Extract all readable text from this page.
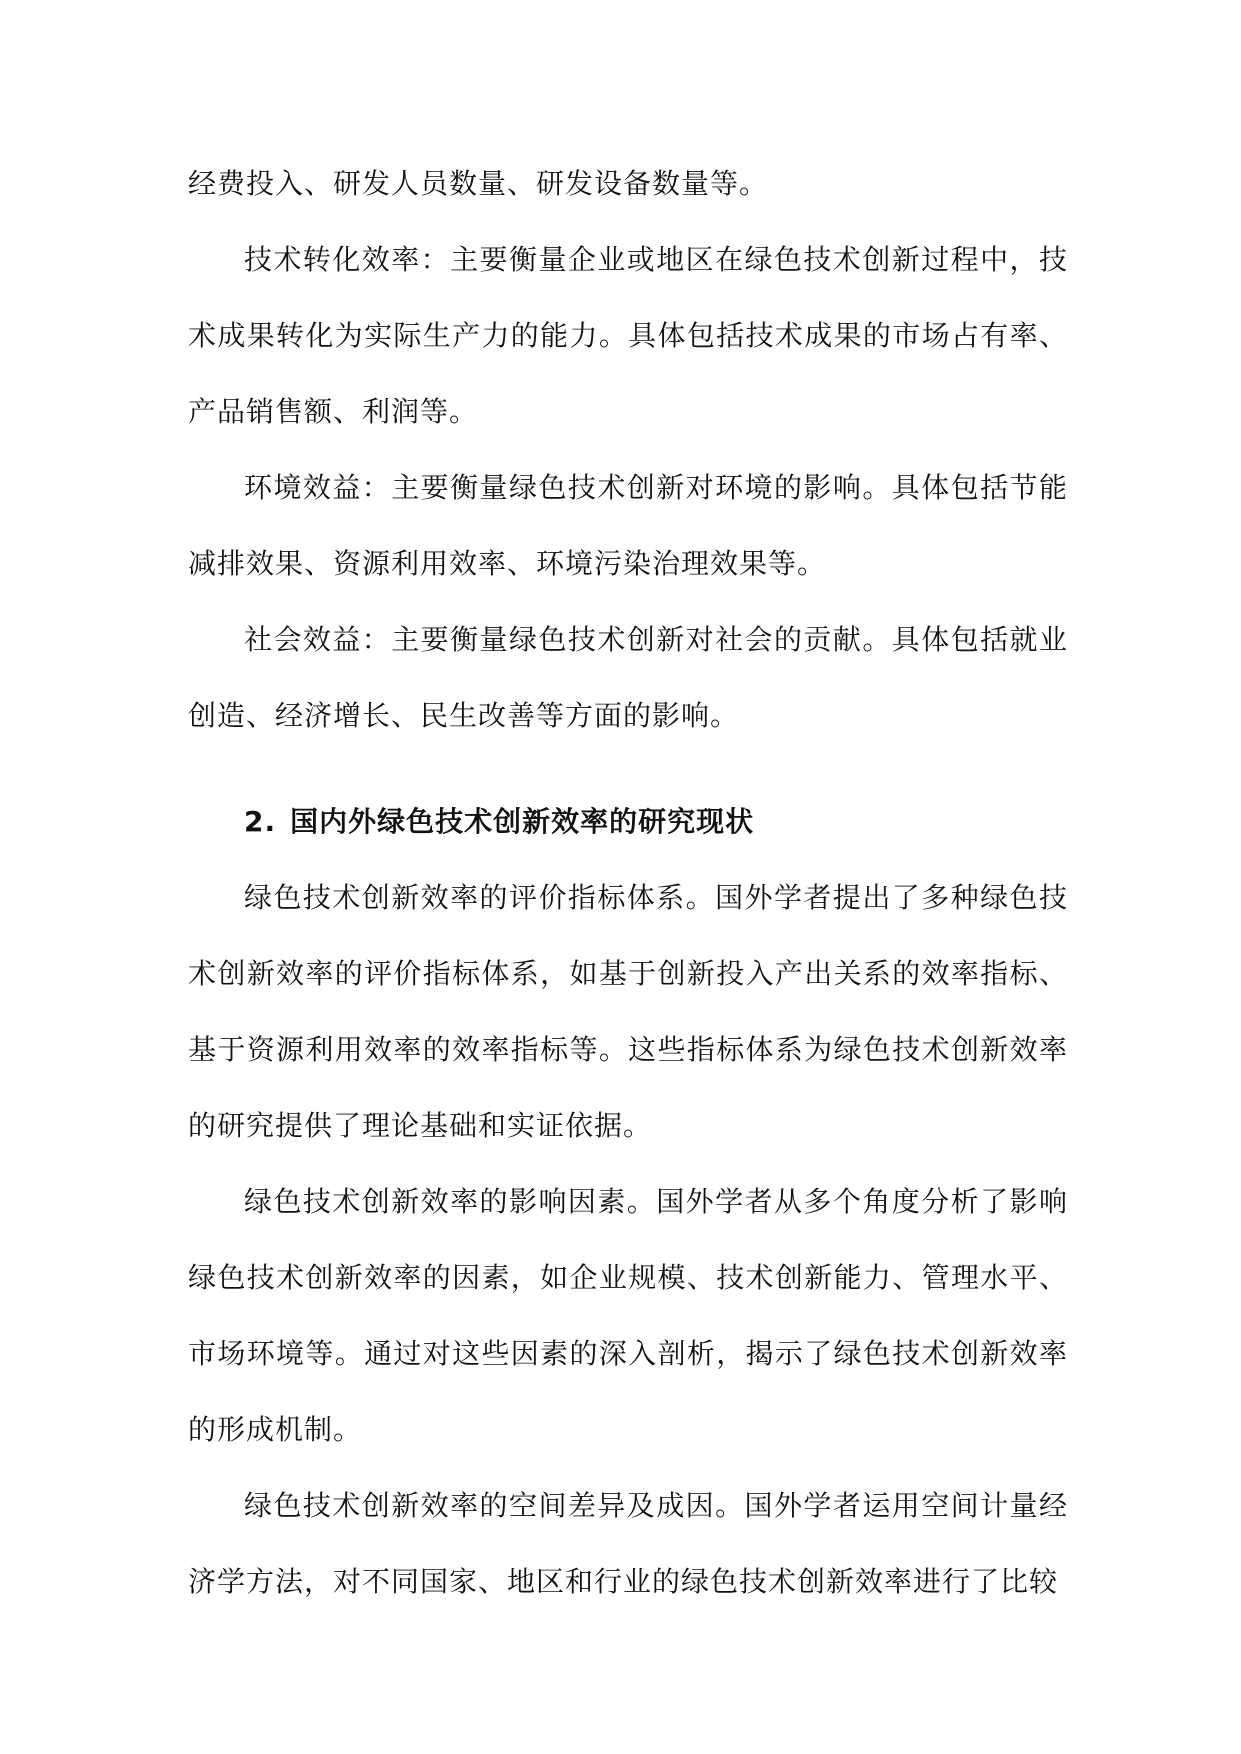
经费投入、研发人员数量、研发设备数量等。

技术转化效率：主要衡量企业或地区在绿色技术创新过程中，技术成果转化为实际生产力的能力。具体包括技术成果的市场占有率、产品销售额、利润等。

环境效益：主要衡量绿色技术创新对环境的影响。具体包括节能减排效果、资源利用效率、环境污染治理效果等。

社会效益：主要衡量绿色技术创新对社会的贡献。具体包括就业创造、经济增长、民生改善等方面的影响。

2. 国内外绿色技术创新效率的研究现状

绿色技术创新效率的评价指标体系。国外学者提出了多种绿色技术创新效率的评价指标体系，如基于创新投入产出关系的效率指标、基于资源利用效率的效率指标等。这些指标体系为绿色技术创新效率的研究提供了理论基础和实证依据。

绿色技术创新效率的影响因素。国外学者从多个角度分析了影响绿色技术创新效率的因素，如企业规模、技术创新能力、管理水平、市场环境等。通过对这些因素的深入剖析，揭示了绿色技术创新效率的形成机制。

绿色技术创新效率的空间差异及成因。国外学者运用空间计量经济学方法，对不同国家、地区和行业的绿色技术创新效率进行了比较
